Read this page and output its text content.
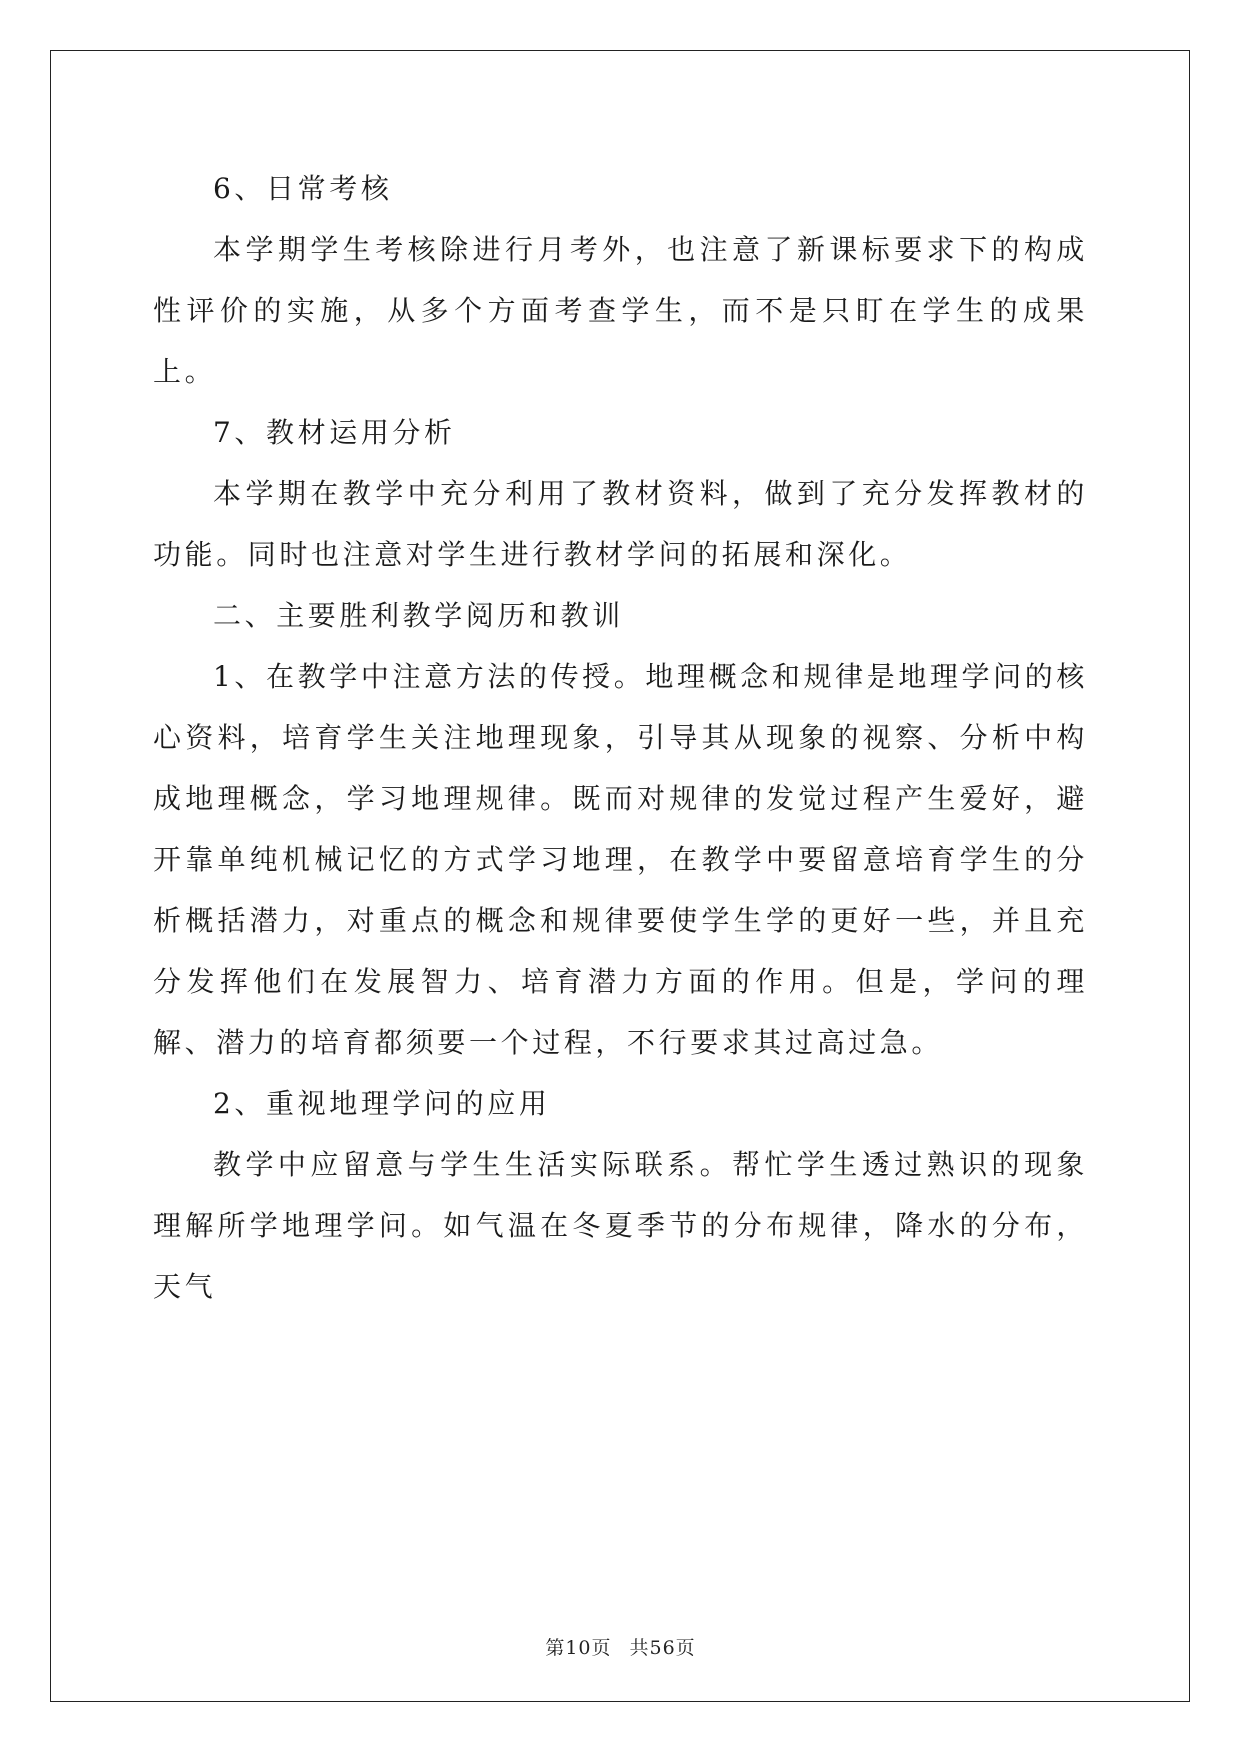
6、日常考核

本学期学生考核除进行月考外，也注意了新课标要求下的构成性评价的实施，从多个方面考查学生，而不是只盯在学生的成果上。

7、教材运用分析

本学期在教学中充分利用了教材资料，做到了充分发挥教材的功能。同时也注意对学生进行教材学问的拓展和深化。

二、主要胜利教学阅历和教训

1、在教学中注意方法的传授。地理概念和规律是地理学问的核心资料，培育学生关注地理现象，引导其从现象的视察、分析中构成地理概念，学习地理规律。既而对规律的发觉过程产生爱好，避开靠单纯机械记忆的方式学习地理，在教学中要留意培育学生的分析概括潜力，对重点的概念和规律要使学生学的更好一些，并且充分发挥他们在发展智力、培育潜力方面的作用。但是，学问的理解、潜力的培育都须要一个过程，不行要求其过高过急。

2、重视地理学问的应用

教学中应留意与学生生活实际联系。帮忙学生透过熟识的现象理解所学地理学问。如气温在冬夏季节的分布规律，降水的分布，天气

第10页 共56页
